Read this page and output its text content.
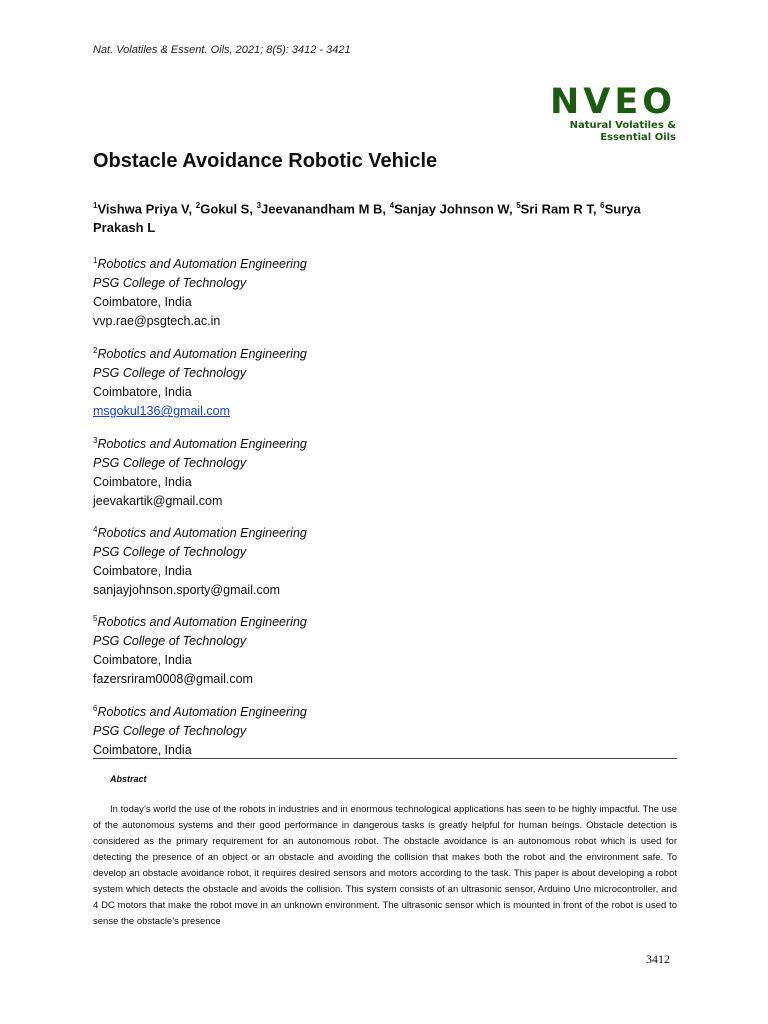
Nat. Volatiles & Essent. Oils, 2021; 8(5): 3412 - 3421
NVEO
Natural Volatiles &
Essential Oils
Obstacle Avoidance Robotic Vehicle
$^1$Vishwa Priya V, $^2$Gokul S, $^3$Jeevanandham M B, $^4$Sanjay Johnson W, $^5$Sri Ram R T, $^6$Surya Prakash L
$^1$Robotics and Automation Engineering
PSG College of Technology
Coimbatore, India
vvp.rae@psgtech.ac.in
$^2$Robotics and Automation Engineering
PSG College of Technology
Coimbatore, India
msgokul136@gmail.com
$^3$Robotics and Automation Engineering
PSG College of Technology
Coimbatore, India
jeevakartik@gmail.com
$^4$Robotics and Automation Engineering
PSG College of Technology
Coimbatore, India
sanjayjohnson.sporty@gmail.com
$^5$Robotics and Automation Engineering
PSG College of Technology
Coimbatore, India
fazersriram0008@gmail.com
$^6$Robotics and Automation Engineering
PSG College of Technology
Coimbatore, India
Abstract
In today’s world the use of the robots in industries and in enormous technological applications has seen to be highly impactful. The use of the autonomous systems and their good performance in dangerous tasks is greatly helpful for human beings. Obstacle detection is considered as the primary requirement for an autonomous robot. The obstacle avoidance is an autonomous robot which is used for detecting the presence of an object or an obstacle and avoiding the collision that makes both the robot and the environment safe. To develop an obstacle avoidance robot, it requires desired sensors and motors according to the task. This paper is about developing a robot system which detects the obstacle and avoids the collision. This system consists of an ultrasonic sensor, Arduino Uno microcontroller, and 4 DC motors that make the robot move in an unknown environment. The ultrasonic sensor which is mounted in front of the robot is used to sense the obstacle’s presence
3412
